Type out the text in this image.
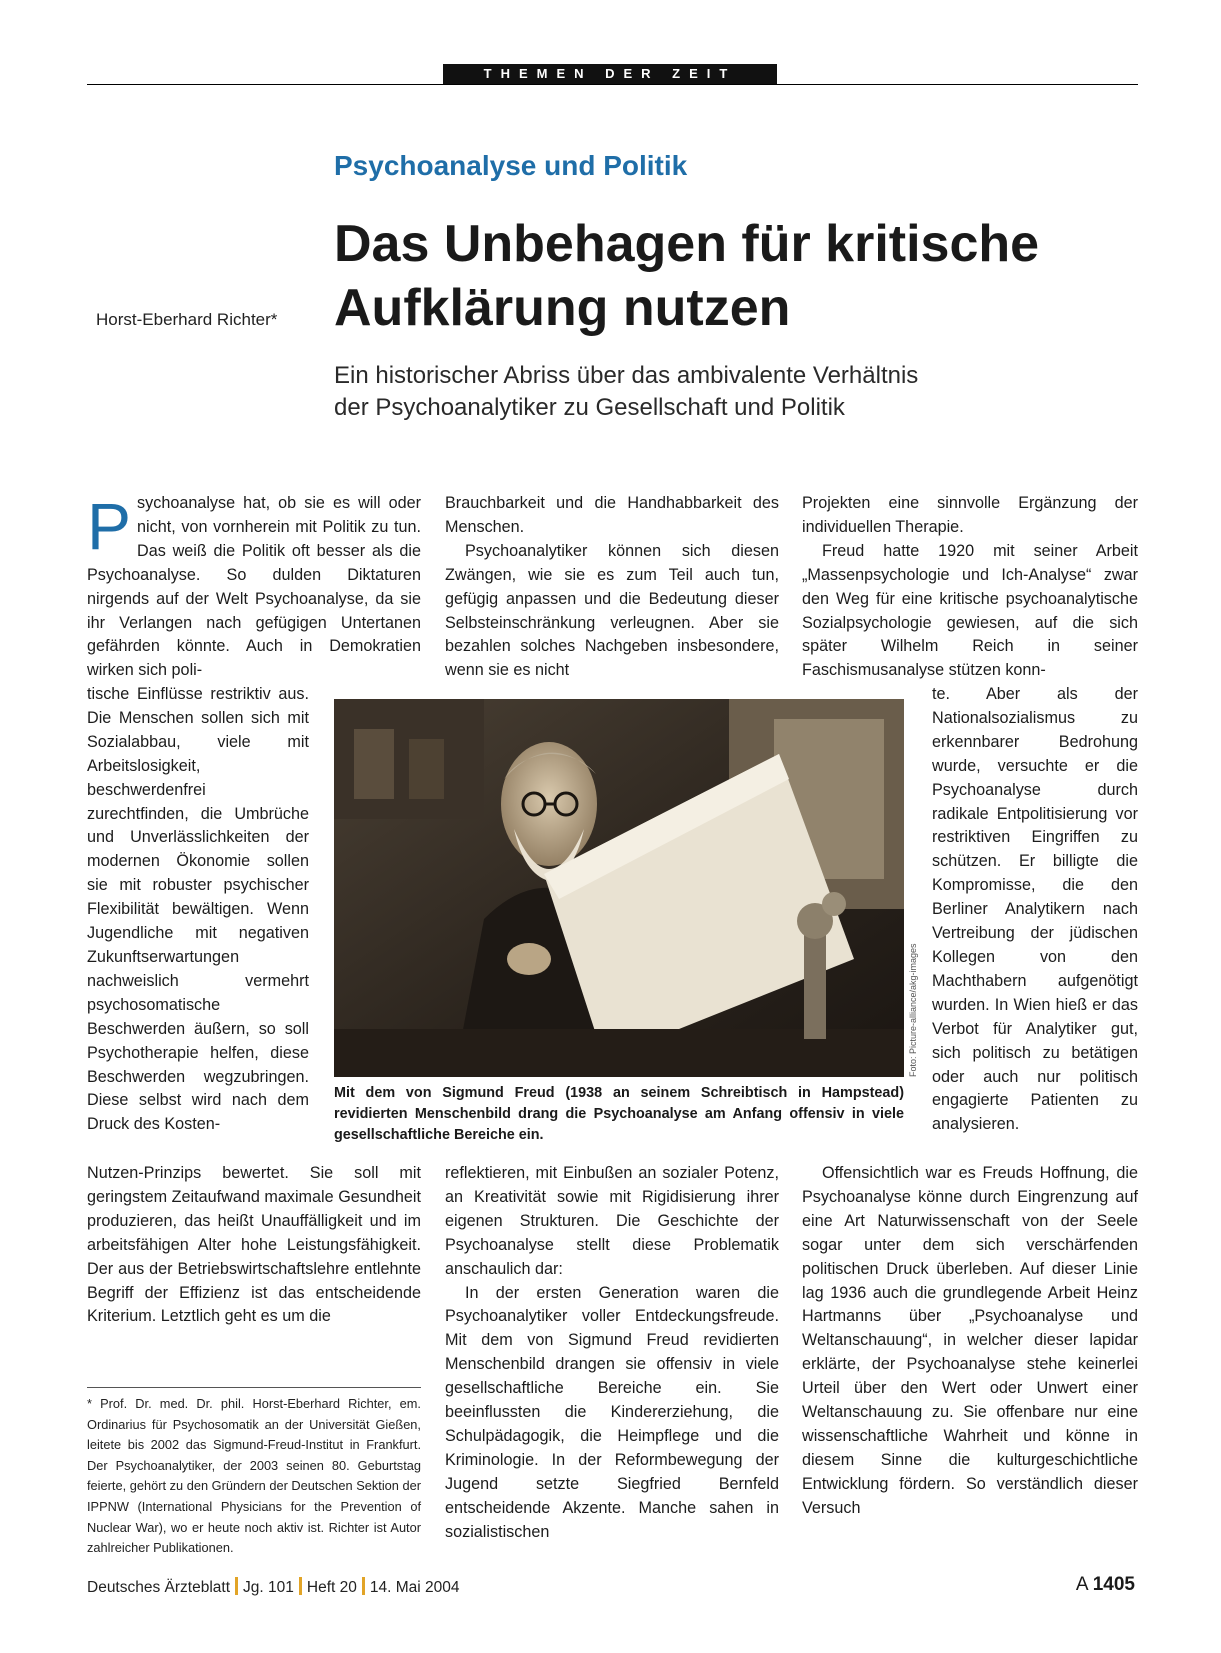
THEMEN DER ZEIT
Psychoanalyse und Politik
Horst-Eberhard Richter*
Das Unbehagen für kritische Aufklärung nutzen
Ein historischer Abriss über das ambivalente Verhältnis der Psychoanalytiker zu Gesellschaft und Politik
P sychoanalyse hat, ob sie es will oder nicht, von vornherein mit Politik zu tun. Das weiß die Politik oft besser als die Psychoanalyse. So dulden Diktaturen nirgends auf der Welt Psychoanalyse, da sie ihr Verlangen nach gefügigen Untertanen gefährden könnte. Auch in Demokratien wirken sich poli-

tische Einflüsse restriktiv aus. Die Menschen sollen sich mit Sozialabbau, viele mit Arbeitslosigkeit, beschwerdenfrei zurechtfinden, die Umbrüche und Unverlässlichkeiten der modernen Ökonomie sollen sie mit robuster psychischer Flexibilität bewältigen. Wenn Jugendliche mit negativen Zukunftserwartungen nachweislich vermehrt psychosomatische Beschwerden äußern, so soll Psychotherapie helfen, diese Beschwerden wegzubringen. Diese selbst wird nach dem Druck des Kosten-

Nutzen-Prinzips bewertet. Sie soll mit geringstem Zeitaufwand maximale Gesundheit produzieren, das heißt Unauffälligkeit und im arbeitsfähigen Alter hohe Leistungsfähigkeit. Der aus der Betriebswirtschaftslehre entlehnte Begriff der Effizienz ist das entscheidende Kriterium. Letztlich geht es um die

Brauchbarkeit und die Handhabbarkeit des Menschen.

Psychoanalytiker können sich diesen Zwängen, wie sie es zum Teil auch tun, gefügig anpassen und die Bedeutung dieser Selbsteinschränkung verleugnen. Aber sie bezahlen solches Nachgeben insbesondere, wenn sie es nicht

reflektieren, mit Einbußen an sozialer Potenz, an Kreativität sowie mit Rigidisierung ihrer eigenen Strukturen. Die Geschichte der Psychoanalyse stellt diese Problematik anschaulich dar:

In der ersten Generation waren die Psychoanalytiker voller Entdeckungsfreude. Mit dem von Sigmund Freud revidierten Menschenbild drangen sie offensiv in viele gesellschaftliche Bereiche ein. Sie beeinflussten die Kindererziehung, die Schulpädagogik, die Heimpflege und die Kriminologie. In der Reformbewegung der Jugend setzte Siegfried Bernfeld entscheidende Akzente. Manche sahen in sozialistischen

Projekten eine sinnvolle Ergänzung der individuellen Therapie.

Freud hatte 1920 mit seiner Arbeit „Massenpsychologie und Ich-Analyse“ zwar den Weg für eine kritische psychoanalytische Sozialpsychologie gewiesen, auf die sich später Wilhelm Reich in seiner Faschismusanalyse stützen konn-

te. Aber als der Nationalsozialismus zu erkennbarer Bedrohung wurde, versuchte er die Psychoanalyse durch radikale Entpolitisierung vor restriktiven Eingriffen zu schützen. Er billigte die Kompromisse, die den Berliner Analytikern nach Vertreibung der jüdischen Kollegen von den Machthabern aufgenötigt wurden. In Wien hieß er das Verbot für Analytiker gut, sich politisch zu betätigen oder auch nur politisch engagierte Patienten zu analysieren.

Offensichtlich war es Freuds Hoffnung, die Psychoanalyse könne durch Eingrenzung auf eine Art Naturwissenschaft von der Seele sogar unter dem sich verschärfenden politischen Druck überleben. Auf dieser Linie lag 1936 auch die grundlegende Arbeit Heinz Hartmanns über „Psychoanalyse und Weltanschauung“, in welcher dieser lapidar erklärte, der Psychoanalyse stehe keinerlei Urteil über den Wert oder Unwert einer Weltanschauung zu. Sie offenbare nur eine wissenschaftliche Wahrheit und könne in diesem Sinne die kulturgeschichtliche Entwicklung fördern. So verständlich dieser Versuch

Foto: Picture-alliance/akg-images

Mit dem von Sigmund Freud (1938 an seinem Schreibtisch in Hampstead) revidierten Menschenbild drang die Psychoanalyse am Anfang offensiv in viele gesellschaftliche Bereiche ein.

* Prof. Dr. med. Dr. phil. Horst-Eberhard Richter, em. Ordinarius für Psychosomatik an der Universität Gießen, leitete bis 2002 das Sigmund-Freud-Institut in Frankfurt. Der Psychoanalytiker, der 2003 seinen 80. Geburtstag feierte, gehört zu den Gründern der Deutschen Sektion der IPPNW (International Physicians for the Prevention of Nuclear War), wo er heute noch aktiv ist. Richter ist Autor zahlreicher Publikationen.

Deutsches Ärzteblatt Jg. 101 Heft 20 14. Mai 2004	A 1405
